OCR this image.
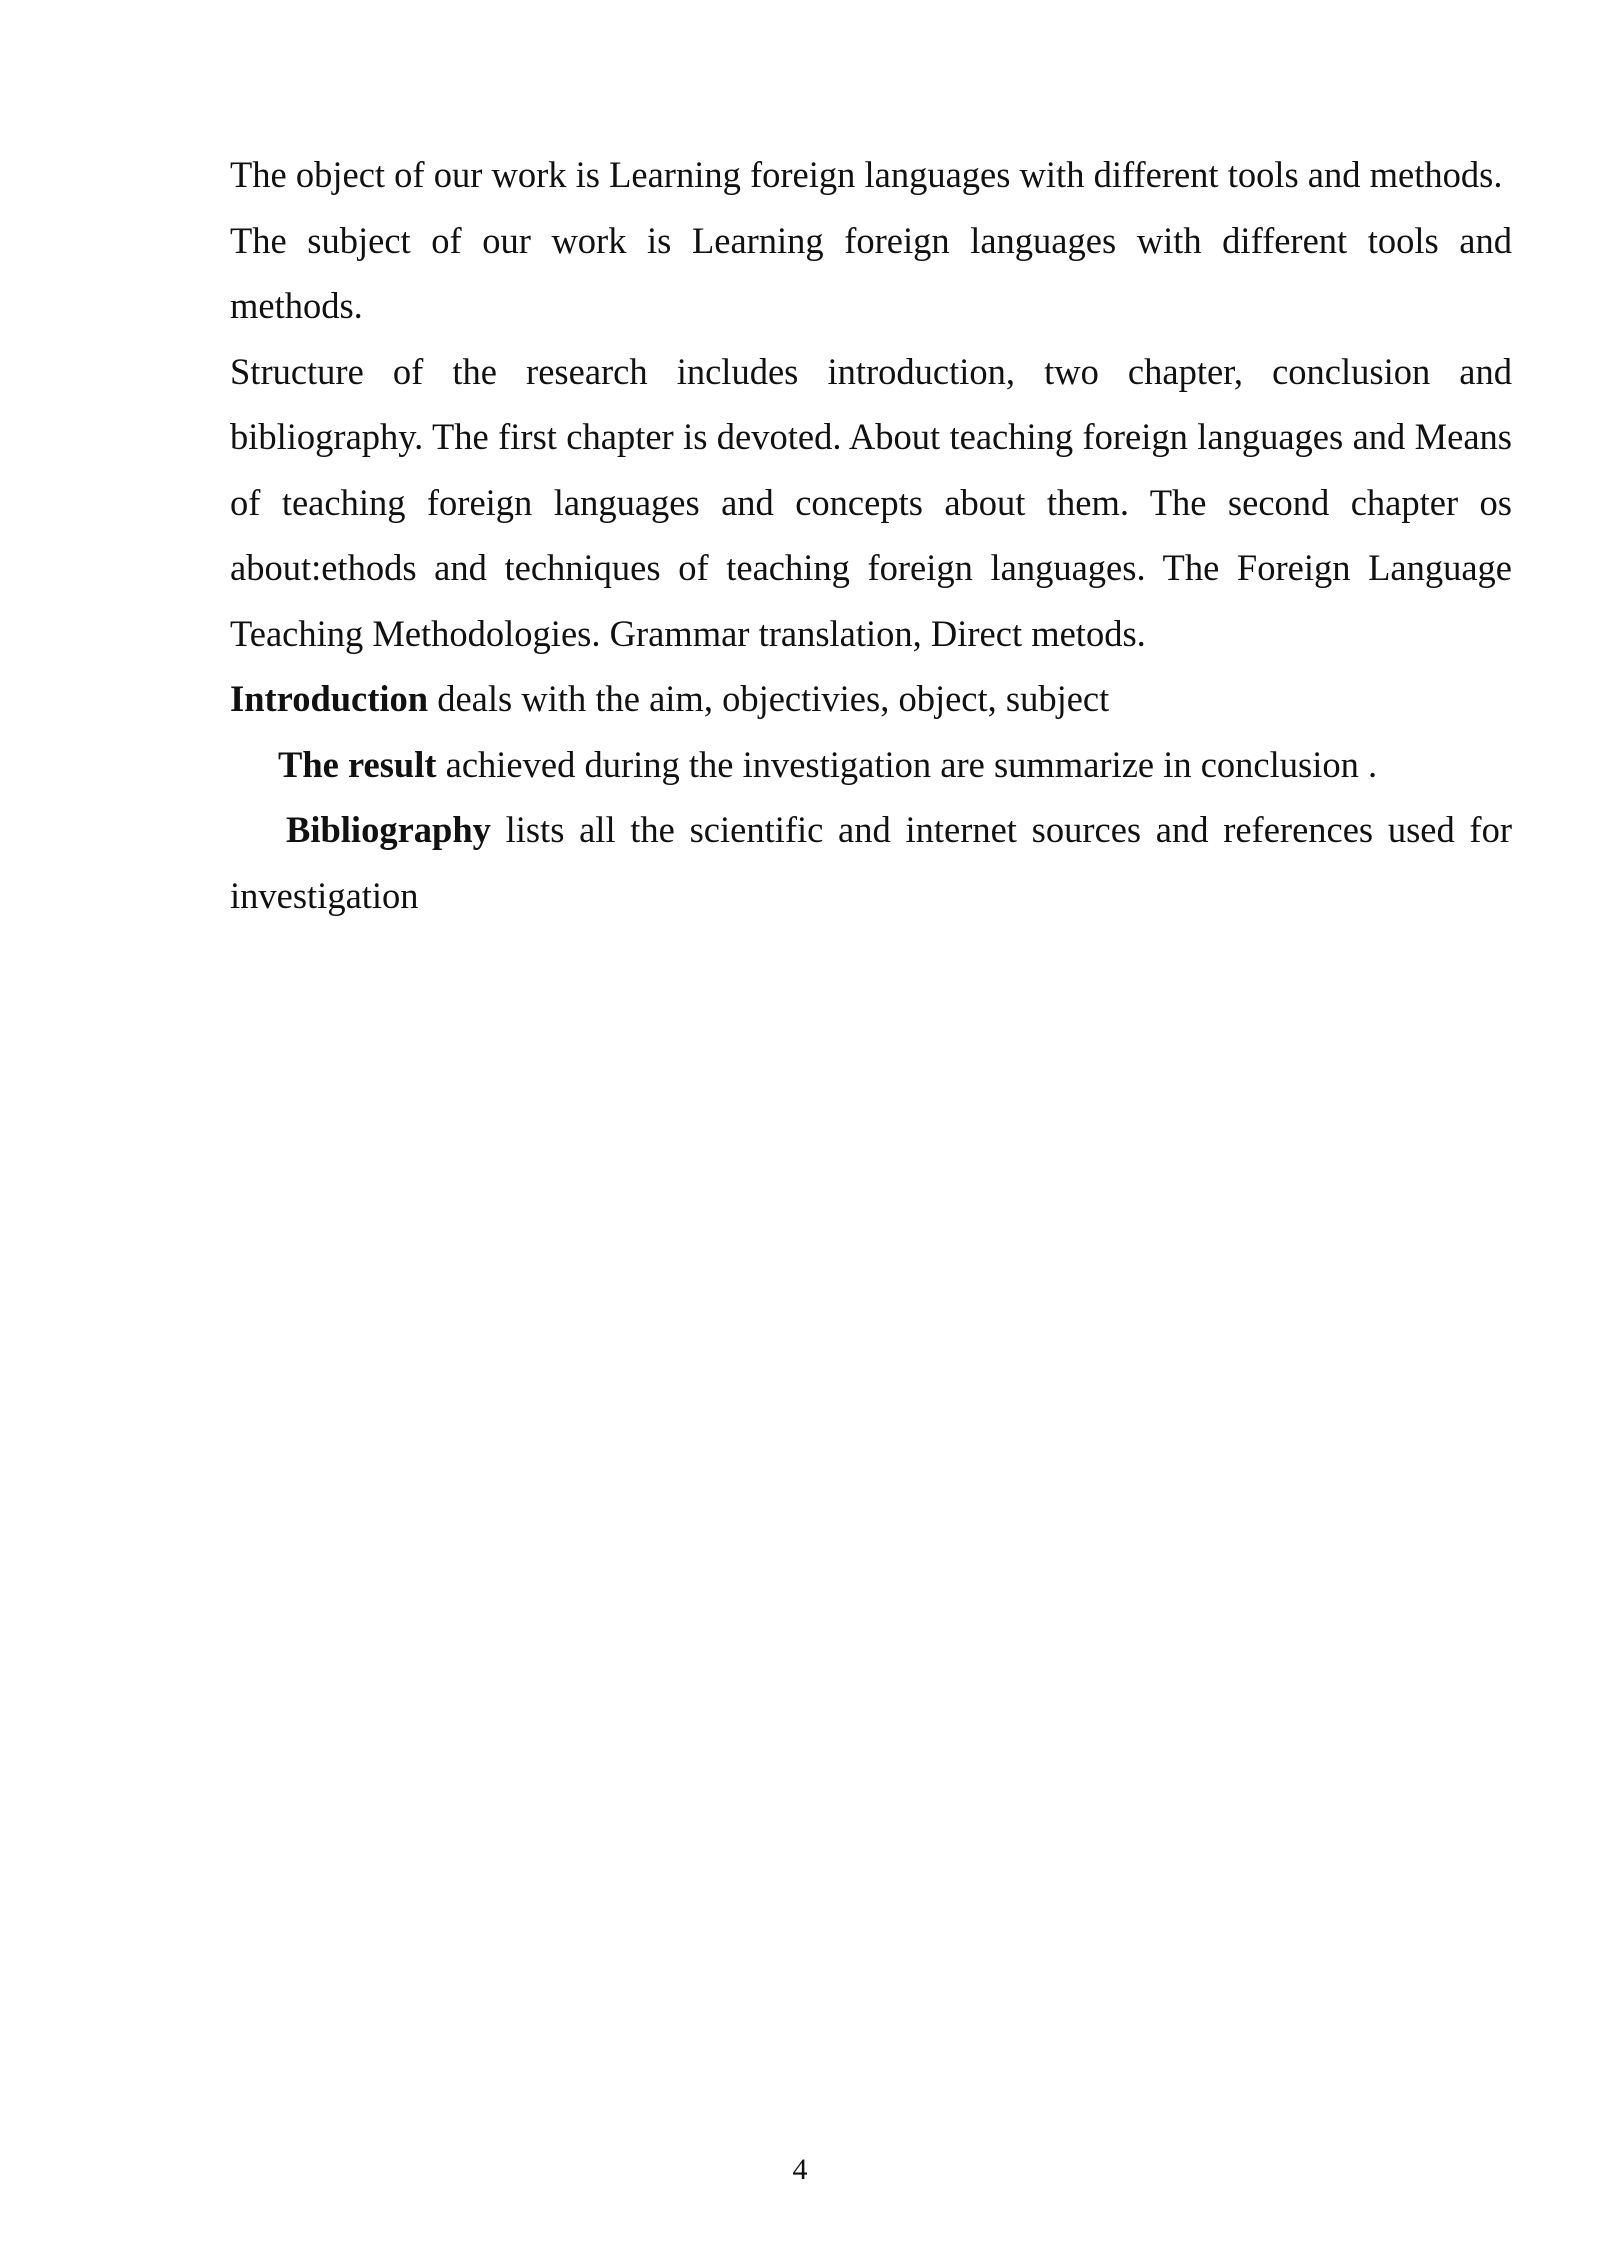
The object of our work is Learning foreign languages with different tools and methods.

The subject of our work is Learning foreign languages with different tools and methods.

Structure of the research includes introduction, two chapter, conclusion and bibliography. The first chapter is devoted. About teaching foreign languages and Means of teaching foreign languages and concepts about them. The second chapter os about:ethods and techniques of teaching foreign languages. The Foreign Language Teaching Methodologies. Grammar translation, Direct metods.

Introduction deals with the aim, objectivies, object, subject

The result achieved during the investigation are summarize in conclusion .

Bibliography lists all the scientific and internet sources and references used for investigation

4
